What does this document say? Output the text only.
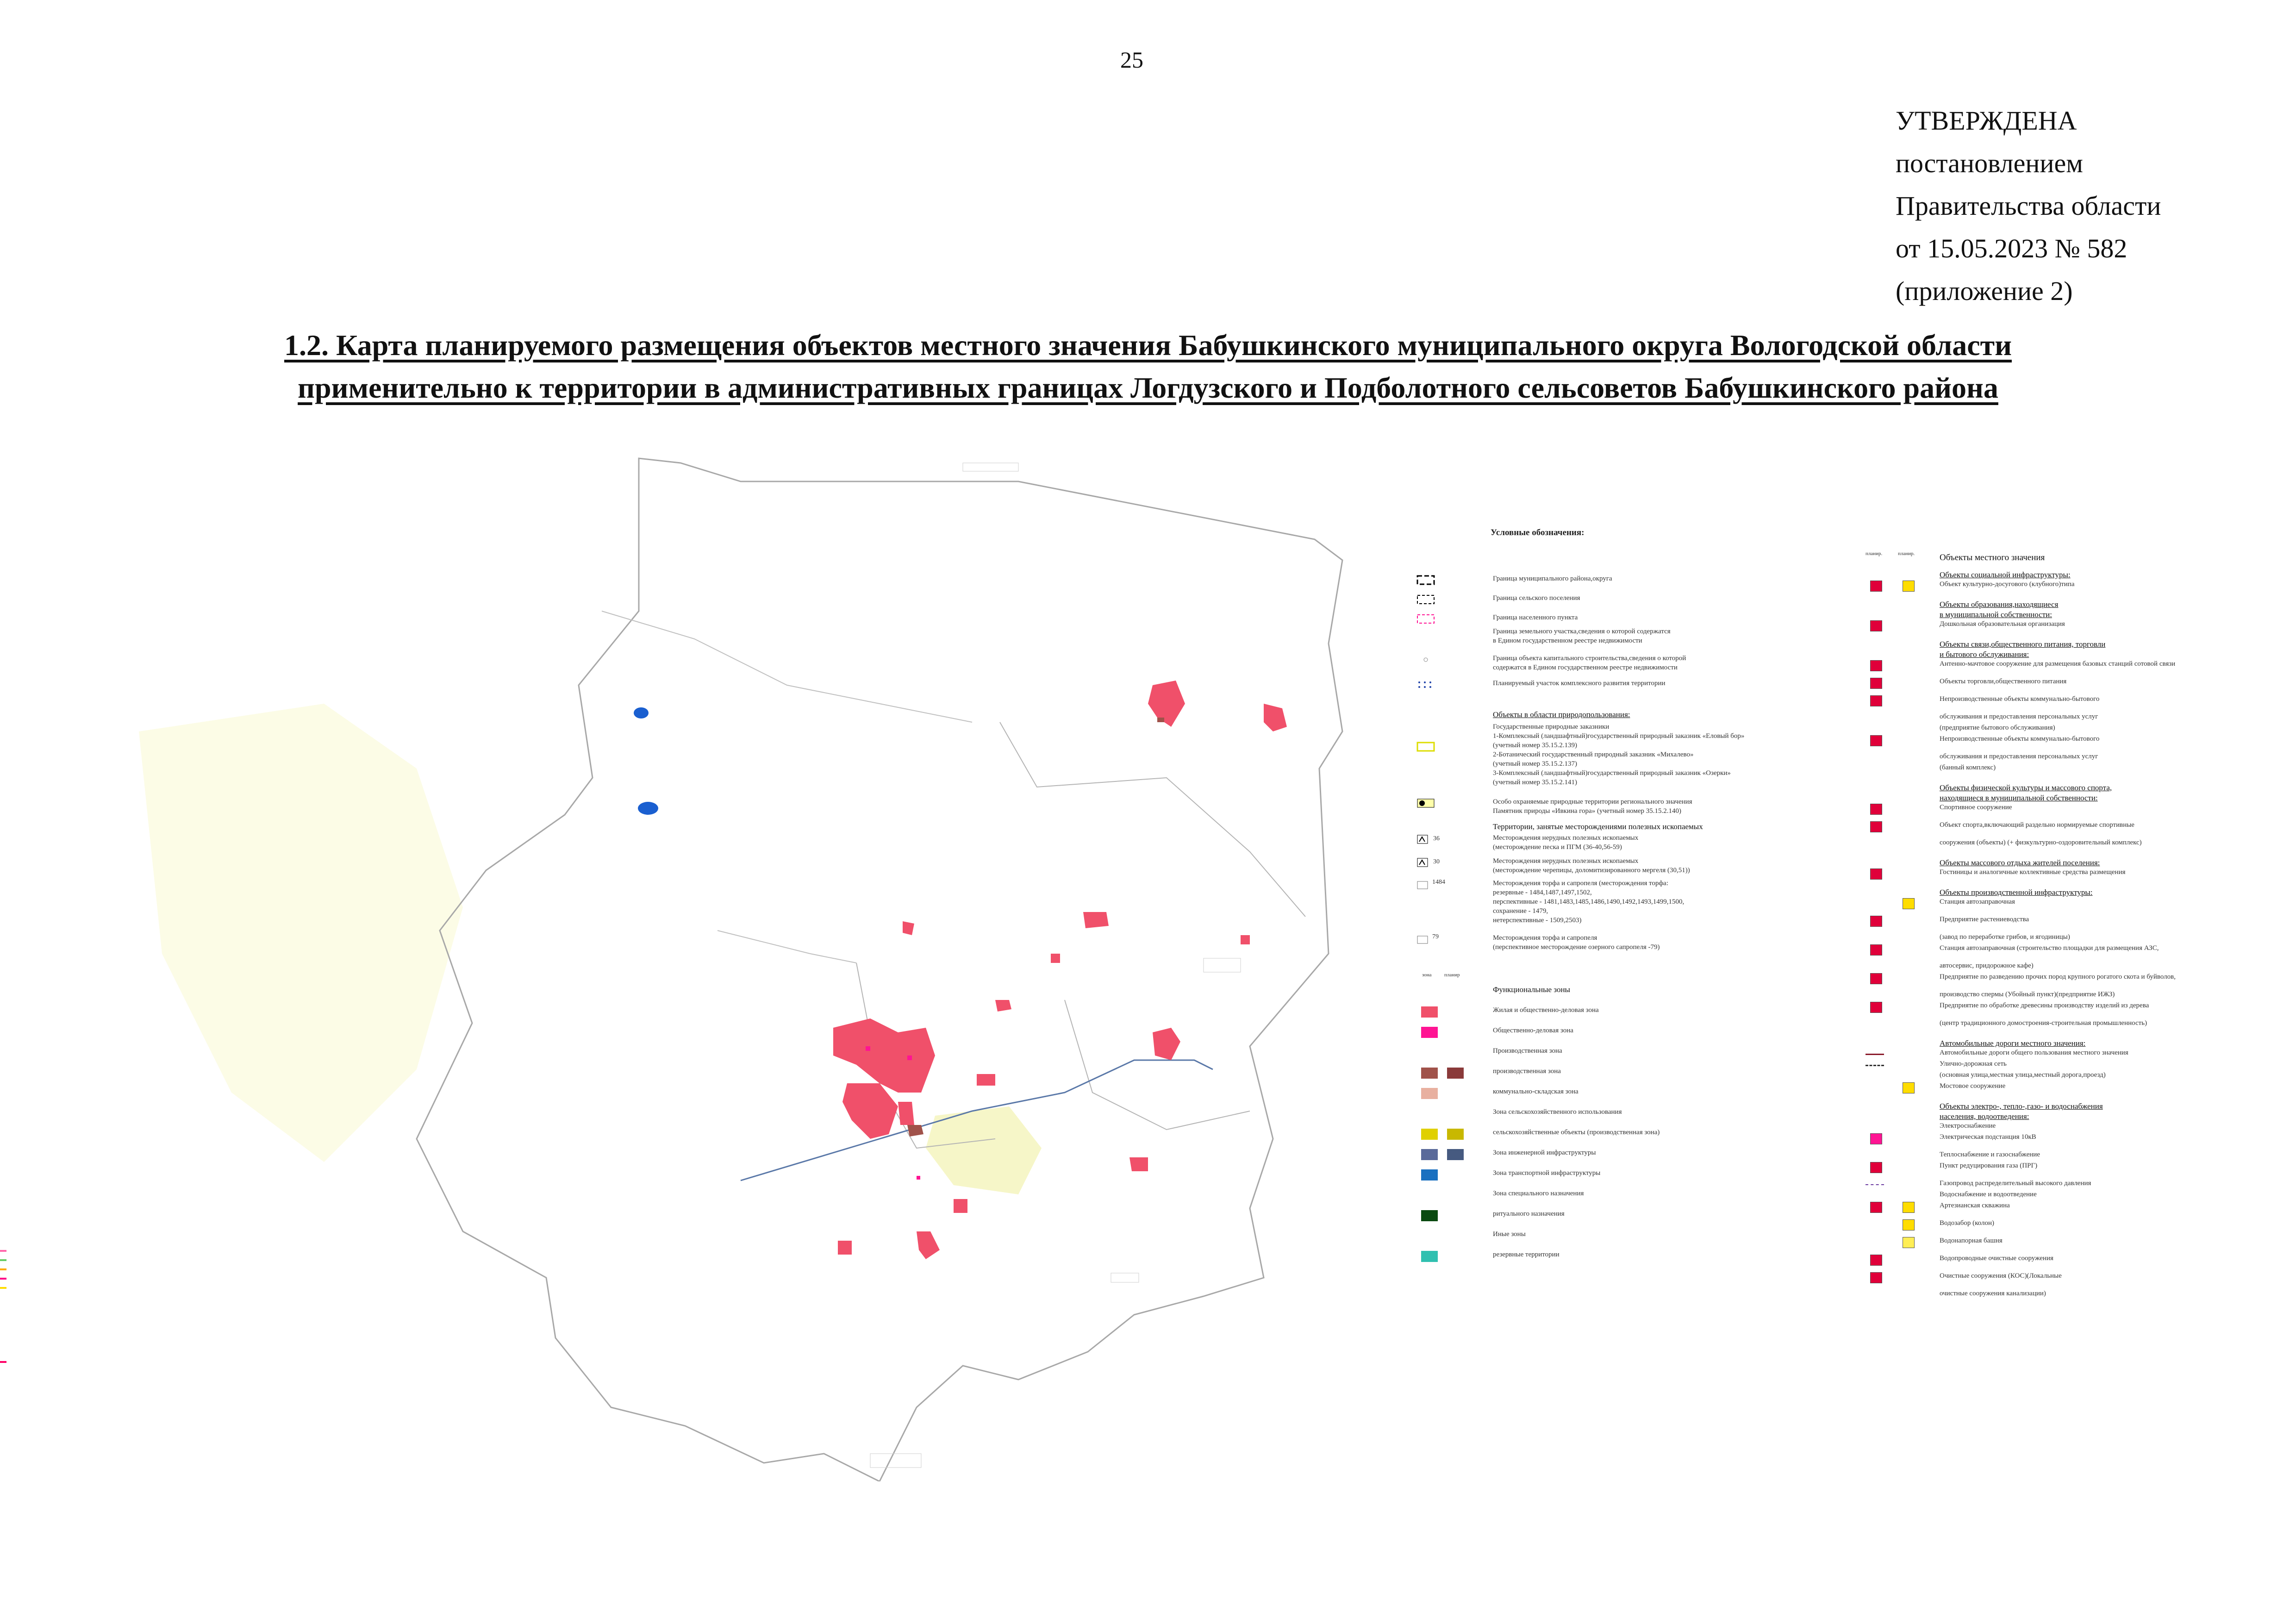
25
УТВЕРЖДЕНА
постановлением
Правительства области
от 15.05.2023 № 582
(приложение 2)
1.2. Карта планируемого размещения объектов местного значения Бабушкинского муниципального округа Вологодской области
применительно к территории в административных границах Логдузского и Подболотного сельсоветов Бабушкинского района
Условные обозначения:
Граница муниципального района,округа
Граница сельского поселения
Граница населенного пункта
Граница земельного участка,сведения о которой содержатся
в Едином государственном реестре недвижимости
Граница объекта капитального строительства,сведения о которой
содержатся в Едином государственном реестре недвижимости
Планируемый участок комплексного развития территории
Объекты в области природопользования:
Государственные природные заказники
1-Комплексный (ландшафтный)государственный природный заказник «Еловый бор»
(учетный номер 35.15.2.139)
2-Ботанический государственный природный заказник «Михалево»
(учетный номер 35.15.2.137)
3-Комплексный (ландшафтный)государственный природный заказник «Озерки»
(учетный номер 35.15.2.141)
Особо охраняемые природные территории регионального значения
Памятник природы «Ивкина гора» (учетный номер 35.15.2.140)
Территории, занятые месторождениями полезных ископаемых
36	Месторождения нерудных полезных ископаемых
(месторождение песка и ПГМ (36-40,56-59)
30	Месторождения нерудных полезных ископаемых
(месторождение черепицы, доломитизированного мергеля (30,51))
1484	Месторождения торфа и сапропеля (месторождения торфа:
резервные - 1484,1487,1497,1502,
перспективные - 1481,1483,1485,1486,1490,1492,1493,1499,1500,
сохранение - 1479,
нетерспективные - 1509,2503)
79	Месторождения торфа и сапропеля
(перспективное месторождение озерного сапропеля -79)
зона планир
Функциональные зоны
Жилая и общественно-деловая зона
Общественно-деловая зона
Производственная зона
производственная зона
коммунально-складская зона
Зона сельскохозяйственного использования
сельскохозяйственные объекты (производственная зона)
Зона инженерной инфраструктуры
Зона транспортной инфраструктуры
Зона специального назначения
ритуального назначения
Иные зоны
резервные территории
планир.	планир.	Объекты местного значения
Объекты социальной инфраструктуры:
Объект культурно-досугового (клубного)типа
Объекты образования,находящиеся
в муниципальной собственности:
Дошкольная образовательная организация
Объекты связи,общественного питания, торговли
и бытового обслуживания:
Антенно-мачтовое сооружение для размещения базовых станций сотовой связи
Объекты торговли,общественного питания
Непроизводственные объекты коммунально-бытового
обслуживания и предоставления персональных услуг
(предприятие бытового обслуживания)
Непроизводственные объекты коммунально-бытового
обслуживания и предоставления персональных услуг
(банный комплекс)
Объекты физической культуры и массового спорта,
находящиеся в муниципальной собственности:
Спортивное сооружение
Объект спорта,включающий раздельно нормируемые спортивные
сооружения (объекты) (+ физкультурно-оздоровительный комплекс)
Объекты массового отдыха жителей поселения:
Гостиницы и аналогичные коллективные средства размещения
Объекты производственной инфраструктуры:
Станция автозаправочная
Предприятие растениеводства
(завод по переработке грибов, и ягодиницы)
Станция автозаправочная (строительство площадки для размещения АЗС,
автосервис, придорожное кафе)
Предприятие по разведению прочих пород крупного рогатого скота и буйволов,
производство спермы (Убойный пункт)(предприятие ИЖЗ)
Предприятие по обработке древесины производству изделий из дерева
(центр традиционного домостроения-строительная промышленность)
Автомобильные дороги местного значения:
Автомобильные дороги общего пользования местного значения
Улично-дорожная сеть
(основная улица,местная улица,местный дорога,проезд)
Мостовое сооружение
Объекты электро-, тепло-,газо- и водоснабжения
населения, водоотведения:
Электроснабжение
Электрическая подстанция 10кВ
Теплоснабжение и газоснабжение
Пункт редуцирования газа (ПРГ)
Газопровод распределительный высокого давления
Водоснабжение и водоотведение
Артезианская скважина
Водозабор (колон)
Водонапорная башня
Водопроводные очистные сооружения
Очистные сооружения (КОС)(Локальные
очистные сооружения канализации)
